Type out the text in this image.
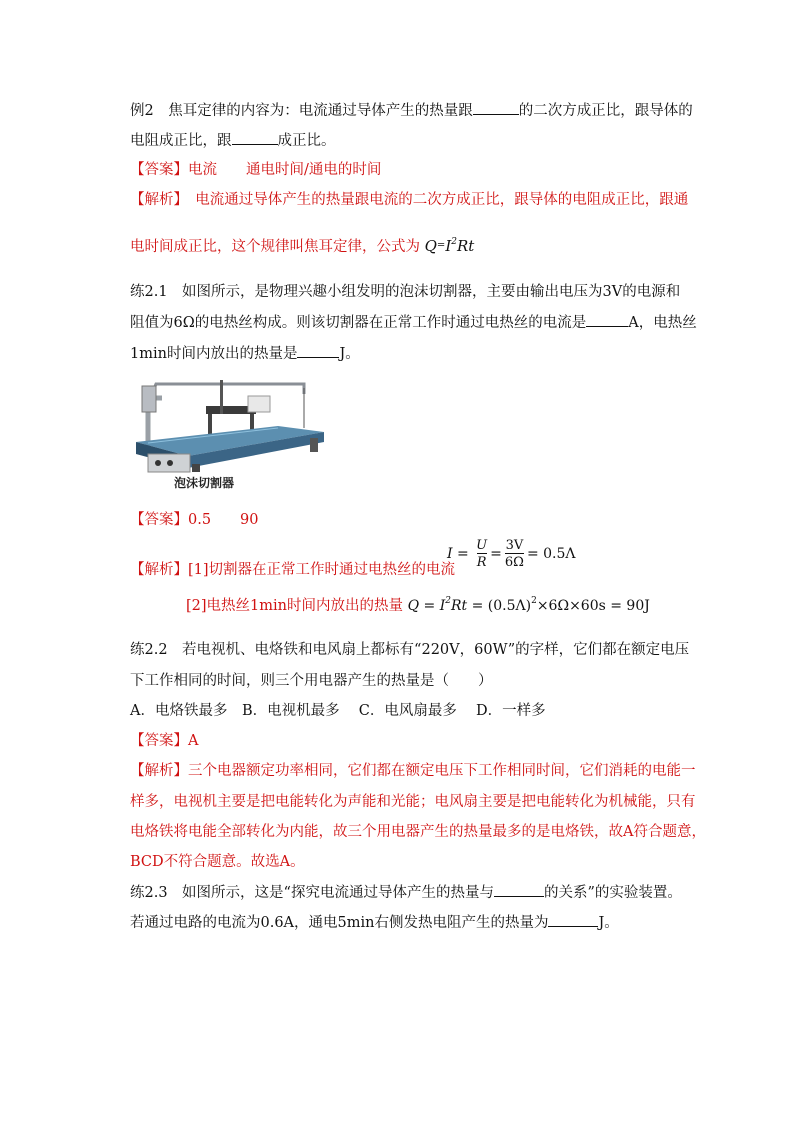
例2　焦耳定律的内容为：电流通过导体产生的热量跟	的二次方成正比，跟导体的
电阻成正比，跟	成正比。
【答案】电流　　通电时间/通电的时间
【解析】　电流通过导体产生的热量跟电流的二次方成正比，跟导体的电阻成正比，跟通
电时间成正比，这个规律叫焦耳定律，公式为 $Q^=I^2Rt$
练2.1　如图所示，是物理兴趣小组发明的泡沫切割器，主要由输出电压为3V的电源和
阻值为6Ω的电热丝构成。则该切割器在正常工作时通过电热丝的电流是	A，电热丝
1min时间内放出的热量是	J。
泡沫切割器
【答案】0.5　　90
【解析】[1]切割器在正常工作时通过电热丝的电流
$I = \frac{U}{R} = \frac{3V}{6\Omega} = 0.5\Lambda$
[2]电热丝1min时间内放出的热量 $Q = I^2Rt = (0.5\Lambda)^2\times 6\Omega\times 60s = 90J$
练2.2　若电视机、电烙铁和电风扇上都标有“220V，60W”的字样，它们都在额定电压
下工作相同的时间，则三个用电器产生的热量是（　　）
A．电烙铁最多　B．电视机最多　 C．电风扇最多　 D．一样多
【答案】A
【解析】三个电器额定功率相同，它们都在额定电压下工作相同时间，它们消耗的电能一
样多，电视机主要是把电能转化为声能和光能；电风扇主要是把电能转化为机械能，只有
电烙铁将电能全部转化为内能，故三个用电器产生的热量最多的是电烙铁，故A符合题意，
BCD不符合题意。故选A。
练2.3　如图所示，这是“探究电流通过导体产生的热量与	的关系”的实验装置。
若通过电路的电流为0.6A，通电5min右侧发热电阻产生的热量为	J。
